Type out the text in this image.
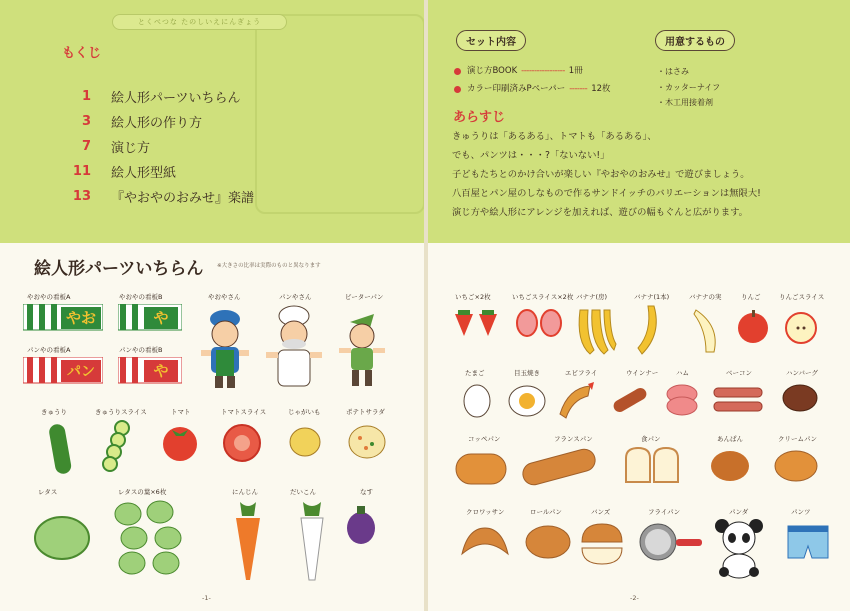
とくべつな たのしいえにんぎょう
もくじ
1 絵人形パーツいちらん
3 絵人形の作り方
7 演じ方
11 絵人形型紙
13 『やおやのおみせ』楽譜
絵人形パーツいちらん ※大きさの比率は実際のものと異なります
やおやの看板A	やおやの看板B	やおやさん	パンやさん	ピーターパン
パンやの看板A	パンやの看板B
きゅうり	きゅうりスライス	トマト	トマトスライス	じゃがいも	ポテトサラダ
レタス	レタスの葉×6枚	にんじん	だいこん	なす
やお	や
パン	や
-1-
セット内容
演じ方BOOK ----------------- 1冊
カラー印刷済みPペーパー ------- 12枚
用意するもの
・はさみ
・カッターナイフ
・木工用接着剤
あらすじ
きゅうりは「あるある」、トマトも「あるある」、
でも、パンツは・・・?「ないない!」
子どもたちとのかけ合いが楽しい『やおやのおみせ』で遊びましょう。
八百屋とパン屋のしなもので作るサンドイッチのバリエーションは無限大!
演じ方や絵人形にアレンジを加えれば、遊びの幅もぐんと広がります。
いちご×2枚	いちごスライス×2枚 バナナ(房)	バナナ(1本)	バナナの実	りんご	りんごスライス
たまご	目玉焼き	エビフライ	ウインナー	ハム	ベーコン	ハンバーグ
コッペパン	フランスパン	食パン	あんぱん	クリームパン
クロワッサン	ロールパン	バンズ	フライパン	パンダ	パンツ
-2-
